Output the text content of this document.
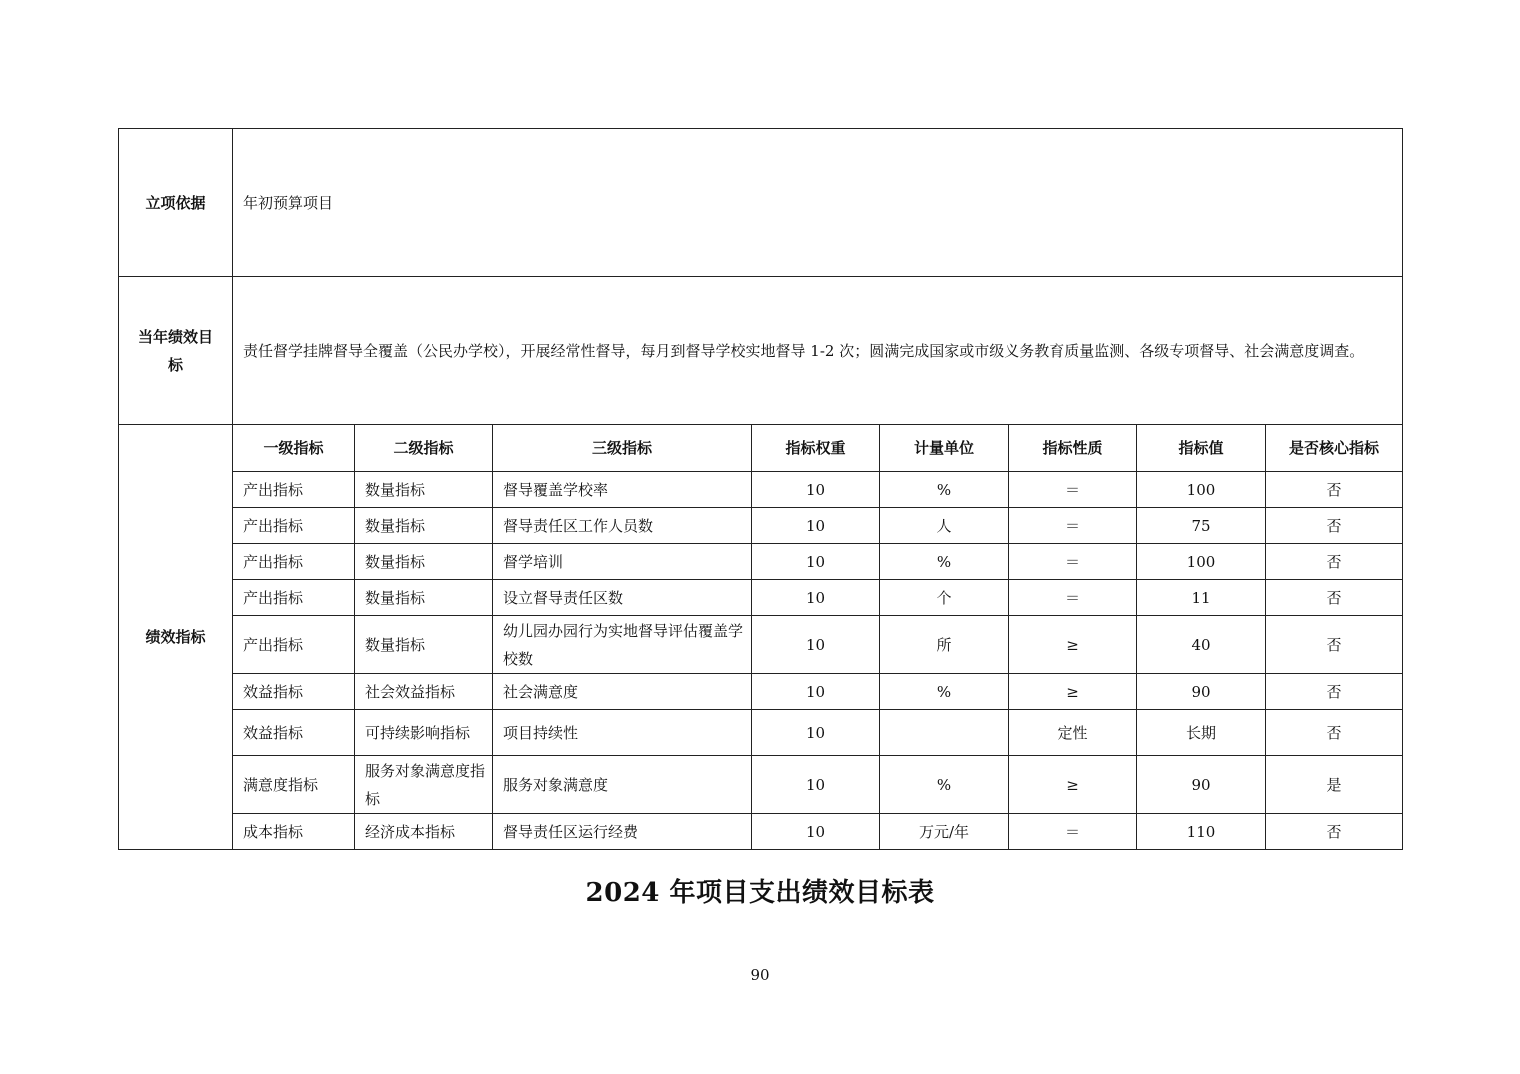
立项依据	年初预算项目							
当年绩效目标	责任督学挂牌督导全覆盖（公民办学校），开展经常性督导，每月到督导学校实地督导 1-2 次；圆满完成国家或市级义务教育质量监测、各级专项督导、社会满意度调查。							
绩效指标	一级指标	二级指标	三级指标	指标权重	计量单位	指标性质	指标值	是否核心指标
	产出指标	数量指标	督导覆盖学校率	10	%	＝	100	否
	产出指标	数量指标	督导责任区工作人员数	10	人	＝	75	否
	产出指标	数量指标	督学培训	10	%	＝	100	否
	产出指标	数量指标	设立督导责任区数	10	个	＝	11	否
	产出指标	数量指标	幼儿园办园行为实地督导评估覆盖学校数	10	所	≥	40	否
	效益指标	社会效益指标	社会满意度	10	%	≥	90	否
	效益指标	可持续影响指标	项目持续性	10		定性	长期	否
	满意度指标	服务对象满意度指标	服务对象满意度	10	%	≥	90	是
	成本指标	经济成本指标	督导责任区运行经费	10	万元/年	＝	110	否
2024 年项目支出绩效目标表
90
